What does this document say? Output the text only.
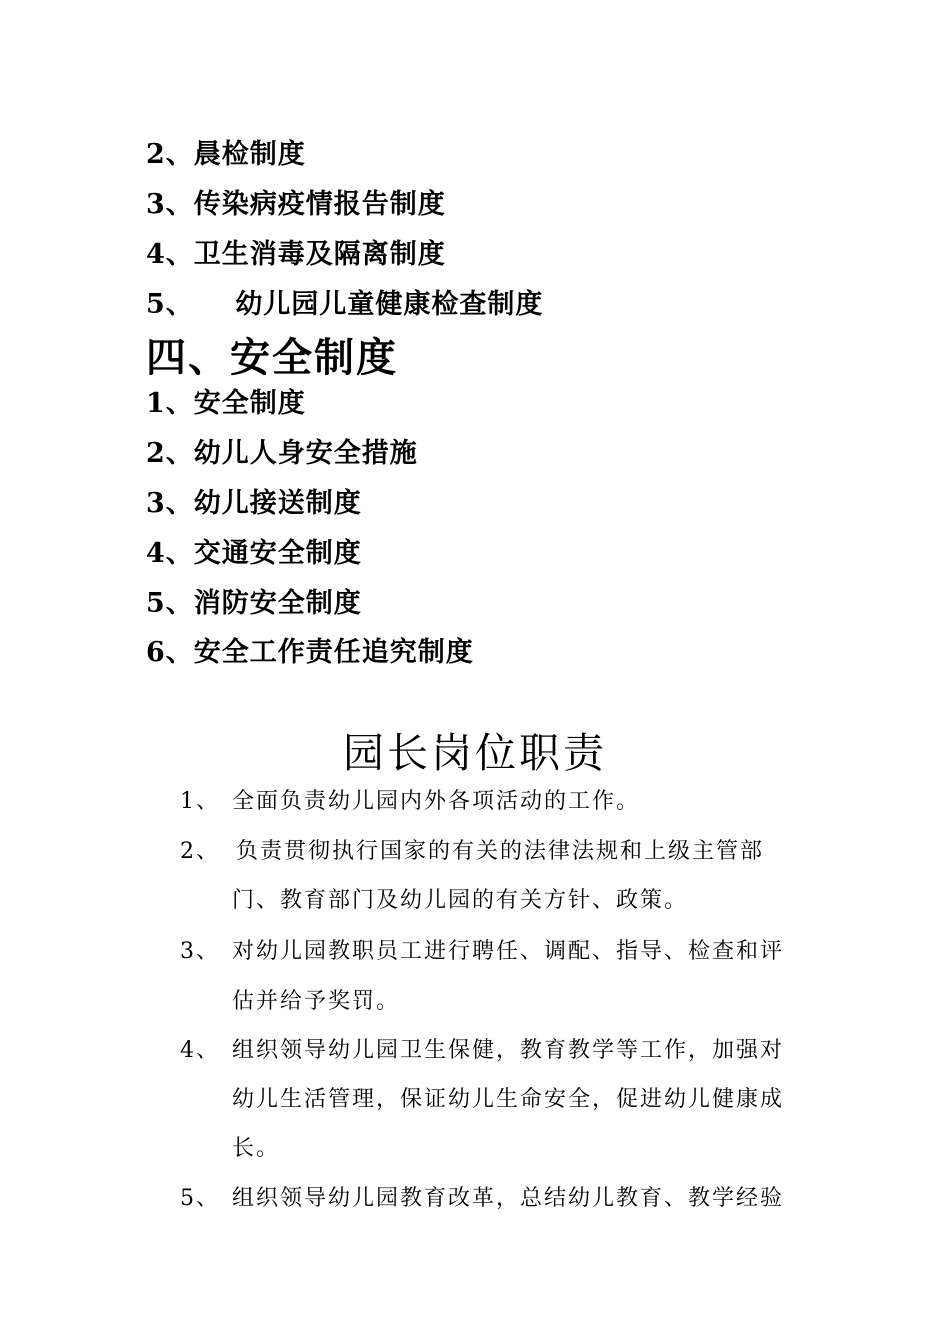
2、晨检制度
3、传染病疫情报告制度
4、卫生消毒及隔离制度
5、    幼儿园儿童健康检查制度
四、安全制度
1、安全制度
2、幼儿人身安全措施
3、幼儿接送制度
4、交通安全制度
5、消防安全制度
6、安全工作责任追究制度
园长岗位职责
1、 全面负责幼儿园内外各项活动的工作。
2、 负责贯彻执行国家的有关的法律法规和上级主管部
门、教育部门及幼儿园的有关方针、政策。
3、 对幼儿园教职员工进行聘任、调配、指导、检查和评
估并给予奖罚。
4、 组织领导幼儿园卫生保健，教育教学等工作，加强对
幼儿生活管理，保证幼儿生命安全，促进幼儿健康成
长。
5、 组织领导幼儿园教育改革，总结幼儿教育、教学经验
